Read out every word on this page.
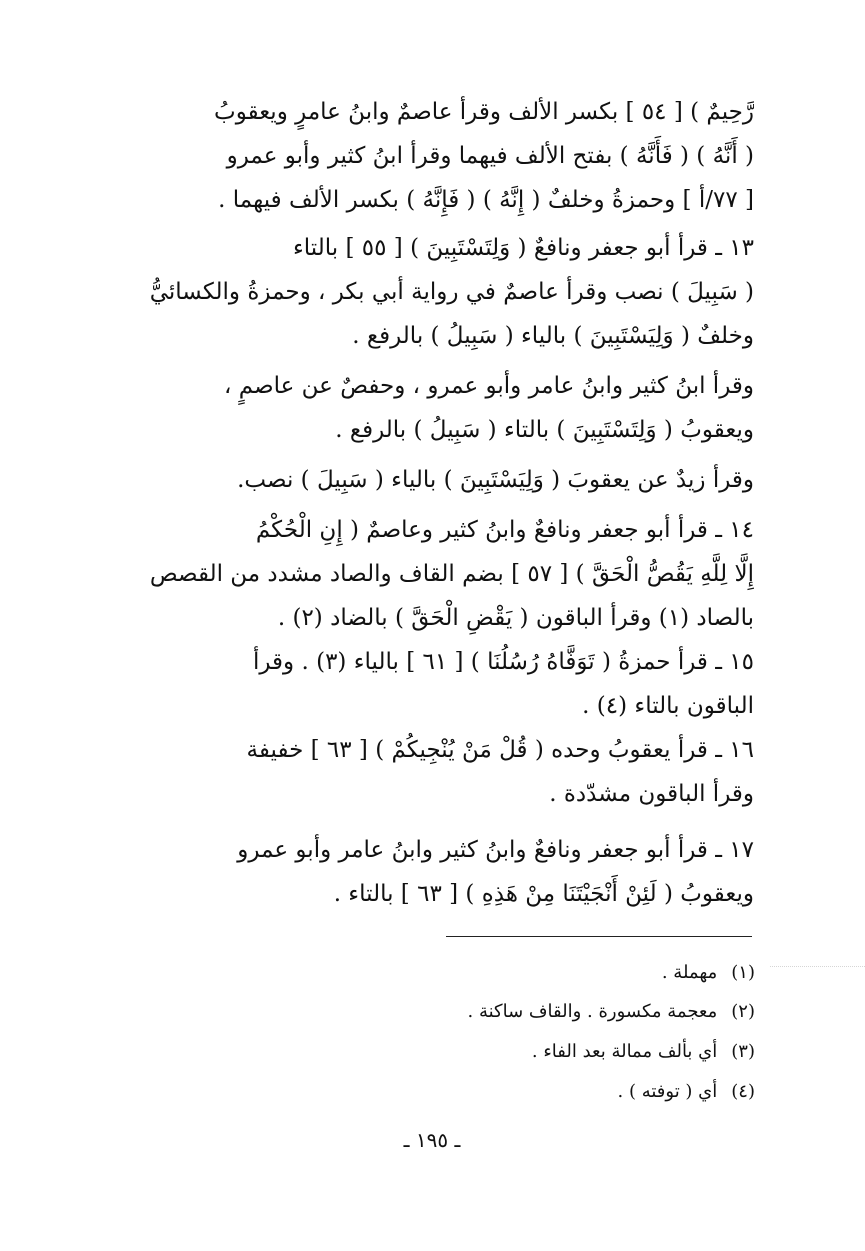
رَّحِيمٌ ) [ ٥٤ ] بكسر الألف وقرأ عاصمٌ وابنُ عامرٍ ويعقوبُ
( أَنَّهُ ) ( فَأَنَّهُ ) بفتح الألف فيهما وقرأ ابنُ كثير وأبو عمرو
[ ٧٧/أ ] وحمزةُ وخلفٌ ( إِنَّهُ ) ( فَإِنَّهُ ) بكسر الألف فيهما .
١٣ ـ قرأ أبو جعفر ونافعٌ ( وَلِتَسْتَبِينَ ) [ ٥٥ ] بالتاء
( سَبِيلَ ) نصب وقرأ عاصمٌ في رواية أبي بكر ، وحمزةُ والكسائيُّ
وخلفٌ ( وَلِيَسْتَبِينَ ) بالياء ( سَبِيلُ ) بالرفع .
وقرأ ابنُ كثير وابنُ عامر وأبو عمرو ، وحفصٌ عن عاصمٍ ،
ويعقوبُ ( وَلِتَسْتَبِينَ ) بالتاء ( سَبِيلُ ) بالرفع .
وقرأ زيدٌ عن يعقوبَ ( وَلِيَسْتَبِينَ ) بالياء ( سَبِيلَ ) نصب.
١٤ ـ قرأ أبو جعفر ونافعٌ وابنُ كثير وعاصمٌ ( إِنِ الْحُكْمُ
إِلَّا لِلَّهِ يَقُصُّ الْحَقَّ ) [ ٥٧ ] بضم القاف والصاد مشدد من القصص
بالصاد (١) وقرأ الباقون ( يَقْضِ الْحَقَّ ) بالضاد (٢) .
١٥ ـ قرأ حمزةُ ( تَوَفَّاهُ رُسُلُنَا ) [ ٦١ ] بالياء (٣) . وقرأ
الباقون بالتاء (٤) .
١٦ ـ قرأ يعقوبُ وحده ( قُلْ مَنْ يُنْجِيكُمْ ) [ ٦٣ ] خفيفة
وقرأ الباقون مشدّدة .
١٧ ـ قرأ أبو جعفر ونافعٌ وابنُ كثير وابنُ عامر وأبو عمرو
ويعقوبُ ( لَئِنْ أَنْجَيْتَنَا مِنْ هَذِهِ ) [ ٦٣ ] بالتاء .
(١)مهملة .
(٢)معجمة مكسورة . والقاف ساكنة .
(٣)أي بألف ممالة بعد الفاء .
(٤)أي ( توفته ) .
ـ ١٩٥ ـ
